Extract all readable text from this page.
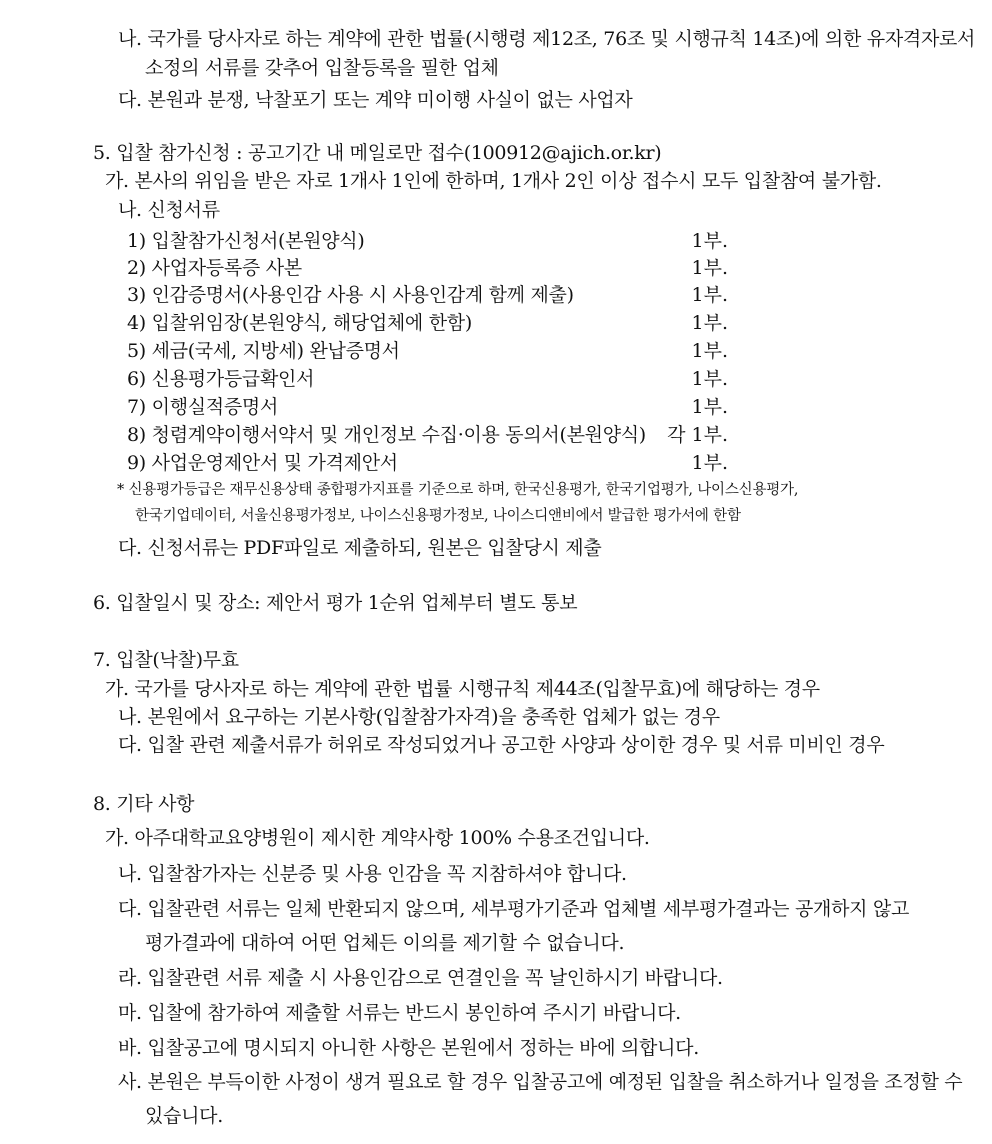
나. 국가를 당사자로 하는 계약에 관한 법률(시행령 제12조, 76조 및 시행규칙 14조)에 의한 유자격자로서
소정의 서류를 갖추어 입찰등록을 필한 업체
다. 본원과 분쟁, 낙찰포기 또는 계약 미이행 사실이 없는 사업자
5. 입찰 참가신청 : 공고기간 내 메일로만 접수(100912@ajich.or.kr)
가. 본사의 위임을 받은 자로 1개사 1인에 한하며, 1개사 2인 이상 접수시 모두 입찰참여 불가함.
나. 신청서류
1) 입찰참가신청서(본원양식)	1부.
2) 사업자등록증 사본	1부.
3) 인감증명서(사용인감 사용 시 사용인감계 함께 제출)	1부.
4) 입찰위임장(본원양식, 해당업체에 한함)	1부.
5) 세금(국세, 지방세) 완납증명서	1부.
6) 신용평가등급확인서	1부.
7) 이행실적증명서	1부.
8) 청렴계약이행서약서 및 개인정보 수집·이용 동의서(본원양식)	각 1부.
9) 사업운영제안서 및 가격제안서	1부.
* 신용평가등급은 재무신용상태 종합평가지표를 기준으로 하며, 한국신용평가, 한국기업평가, 나이스신용평가,
한국기업데이터, 서울신용평가정보, 나이스신용평가정보, 나이스디앤비에서 발급한 평가서에 한함
다. 신청서류는 PDF파일로 제출하되, 원본은 입찰당시 제출
6. 입찰일시 및 장소: 제안서 평가 1순위 업체부터 별도 통보
7. 입찰(낙찰)무효
가. 국가를 당사자로 하는 계약에 관한 법률 시행규칙 제44조(입찰무효)에 해당하는 경우
나. 본원에서 요구하는 기본사항(입찰참가자격)을 충족한 업체가 없는 경우
다. 입찰 관련 제출서류가 허위로 작성되었거나 공고한 사양과 상이한 경우 및 서류 미비인 경우
8. 기타 사항
가. 아주대학교요양병원이 제시한 계약사항 100% 수용조건입니다.
나. 입찰참가자는 신분증 및 사용 인감을 꼭 지참하셔야 합니다.
다. 입찰관련 서류는 일체 반환되지 않으며, 세부평가기준과 업체별 세부평가결과는 공개하지 않고
평가결과에 대하여 어떤 업체든 이의를 제기할 수 없습니다.
라. 입찰관련 서류 제출 시 사용인감으로 연결인을 꼭 날인하시기 바랍니다.
마. 입찰에 참가하여 제출할 서류는 반드시 봉인하여 주시기 바랍니다.
바. 입찰공고에 명시되지 아니한 사항은 본원에서 정하는 바에 의합니다.
사. 본원은 부득이한 사정이 생겨 필요로 할 경우 입찰공고에 예정된 입찰을 취소하거나 일정을 조정할 수
있습니다.
